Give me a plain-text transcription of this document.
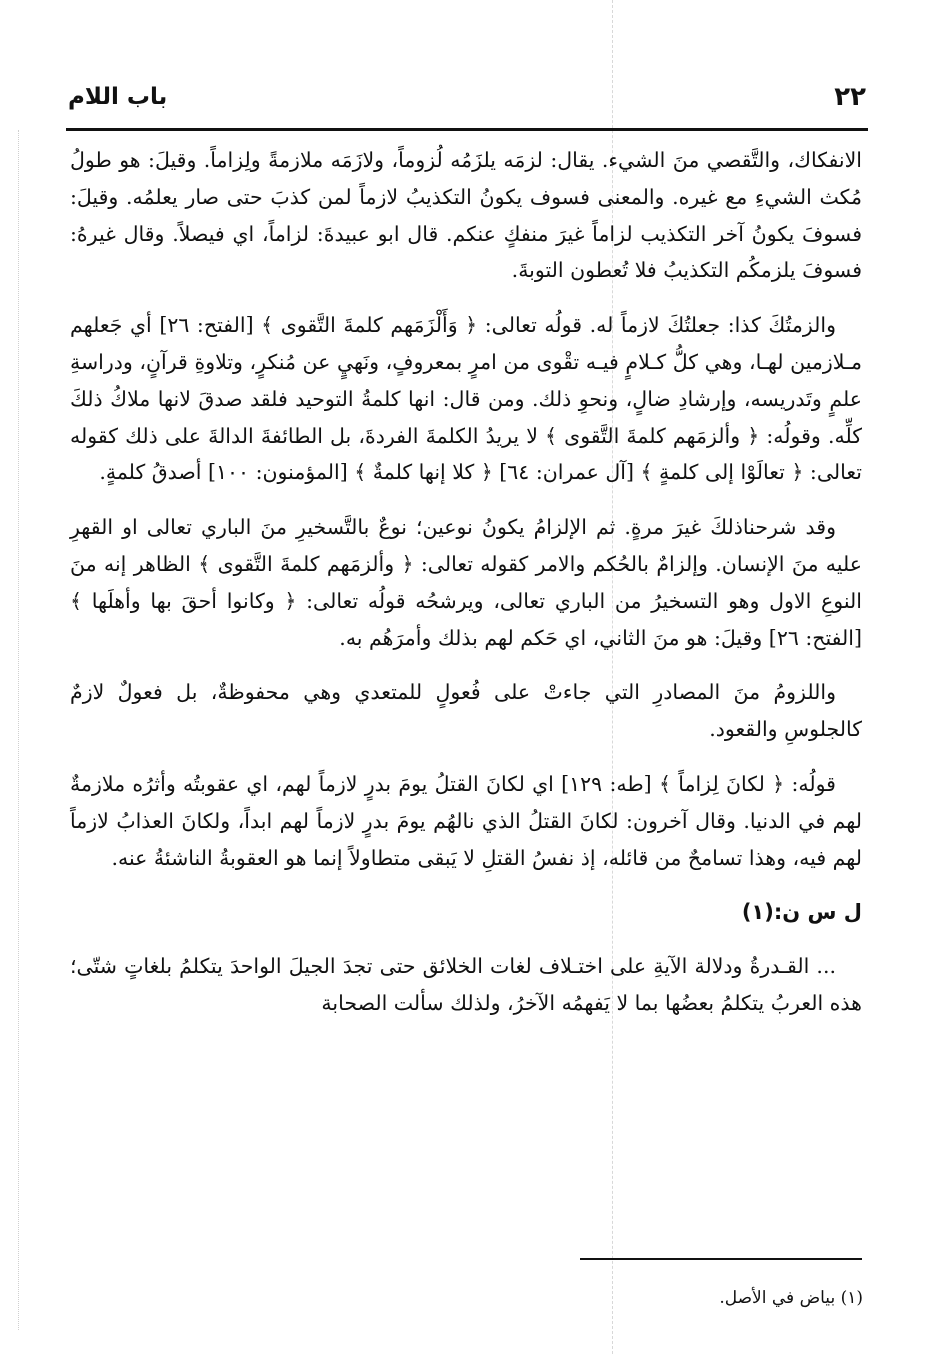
٢٢
باب اللام

الانفكاك، والتَّقصي منَ الشيء. يقال: لزمَه يلزَمُه لُزوماً، ولازَمَه ملازمةً ولِزاماً. وقيلَ: هو طولُ مُكث الشيءِ مع غيره. والمعنى فسوف يكونُ التكذيبُ لازماً لمن كذبَ حتى صار يعلمُه. وقيلَ: فسوفَ يكونُ آخر التكذيب لزاماً غيرَ منفكٍ عنكم. قال ابو عبيدةَ: لزاماً، اي فيصلاً. وقال غيرهُ: فسوفَ يلزمكُم التكذيبُ فلا تُعطون التوبةَ.

والزمتُكَ كذا: جعلتُكَ لازماً له. قولُه تعالى: ﴿ وَأَلْزَمَهم كلمةَ التَّقوى ﴾ [الفتح: ٢٦] أي جَعلهم مـلازمين لهـا، وهي كلُّ كـلامٍ فيـه تقْوى من امرٍ بمعروفٍ، ونَهيٍ عن مُنكرٍ، وتلاوةِ قرآنٍ، ودراسةِ علمٍ وتَدريسه، وإرشادِ ضالٍ، ونحوِ ذلك. ومن قال: انها كلمةُ التوحيد فلقد صدقَ لانها ملاكُ ذلكَ كلِّه. وقولُه: ﴿ وألزمَهم كلمةَ التَّقوى ﴾ لا يريدُ الكلمةَ الفردةَ، بل الطائفةَ الدالةَ على ذلك كقوله تعالى: ﴿ تعالَوْا إلى كلمةٍ ﴾ [آل عمران: ٦٤] ﴿ كلا إنها كلمةٌ ﴾ [المؤمنون: ١٠٠] أصدقُ كلمةٍ.

وقد شرحناذلكَ غيرَ مرةٍ. ثم الإلزامُ يكونُ نوعين؛ نوعٌ بالتَّسخيرِ منَ الباري تعالى او القهرِ عليه منَ الإنسان. وإلزامٌ بالحُكم والامر كقوله تعالى: ﴿ وألزمَهم كلمةَ التَّقوى ﴾ الظاهر إنه منَ النوعِ الاول وهو التسخيرُ من الباري تعالى، ويرشحُه قولُه تعالى: ﴿ وكانوا أحقَ بها وأهلَها ﴾ [الفتح: ٢٦] وقيلَ: هو منَ الثاني، اي حَكم لهم بذلك وأمرَهُم به.

واللزومُ منَ المصادرِ التي جاءتْ على فُعولٍ للمتعدي وهي محفوظةٌ، بل فعولٌ لازمٌ كالجلوسِ والقعود.

قولُه: ﴿ لكانَ لِزاماً ﴾ [طه: ١٢٩] اي لكانَ القتلُ يومَ بدرٍ لازماً لهم، اي عقوبتُه وأثرُه ملازمةٌ لهم في الدنيا. وقال آخرون: لكانَ القتلُ الذي نالهُم يومَ بدرٍ لازماً لهم ابداً، ولكانَ العذابُ لازماً لهم فيه، وهذا تسامحٌ من قائله، إذ نفسُ القتلِ لا يَبقى متطاولاً إنما هو العقوبةُ الناشئةُ عنه.

ل س ن:(١)

... القـدرةُ ودلالة الآيةِ على اختـلاف لغات الخلائق حتى تجدَ الجيلَ الواحدَ يتكلمُ بلغاتٍ شتّى؛ هذه العربُ يتكلمُ بعضُها بما لا يَفهمُه الآخرُ، ولذلك سألت الصحابة

(١) بياض في الأصل.
